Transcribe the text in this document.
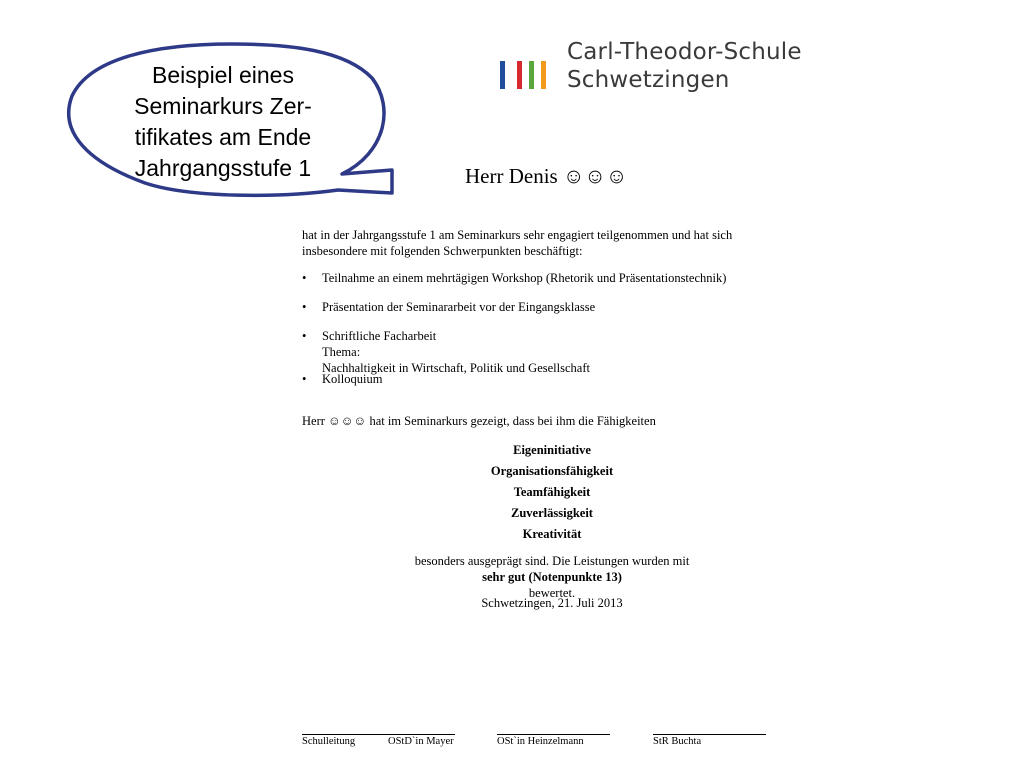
Beispiel eines
Seminarkurs Zer-
tifikates am Ende
Jahrgangsstufe 1
Carl-Theodor-Schule
Schwetzingen
Herr Denis ☺☺☺
hat in der Jahrgangsstufe 1 am Seminarkurs sehr engagiert teilgenommen und hat sich
insbesondere mit folgenden Schwerpunkten beschäftigt:
• Teilnahme an einem mehrtägigen Workshop (Rhetorik und Präsentationstechnik)
• Präsentation der Seminararbeit vor der Eingangsklasse
• Schriftliche Facharbeit
Thema:
Nachhaltigkeit in Wirtschaft, Politik und Gesellschaft
• Kolloquium
Herr ☺☺☺ hat im Seminarkurs gezeigt, dass bei ihm die Fähigkeiten
Eigeninitiative
Organisationsfähigkeit
Teamfähigkeit
Zuverlässigkeit
Kreativität
besonders ausgeprägt sind. Die Leistungen wurden mit
sehr gut (Notenpunkte 13)
bewertet.
Schwetzingen, 21. Juli 2013
Schulleitung	OStD`in Mayer	OSt`in Heinzelmann	StR Buchta
